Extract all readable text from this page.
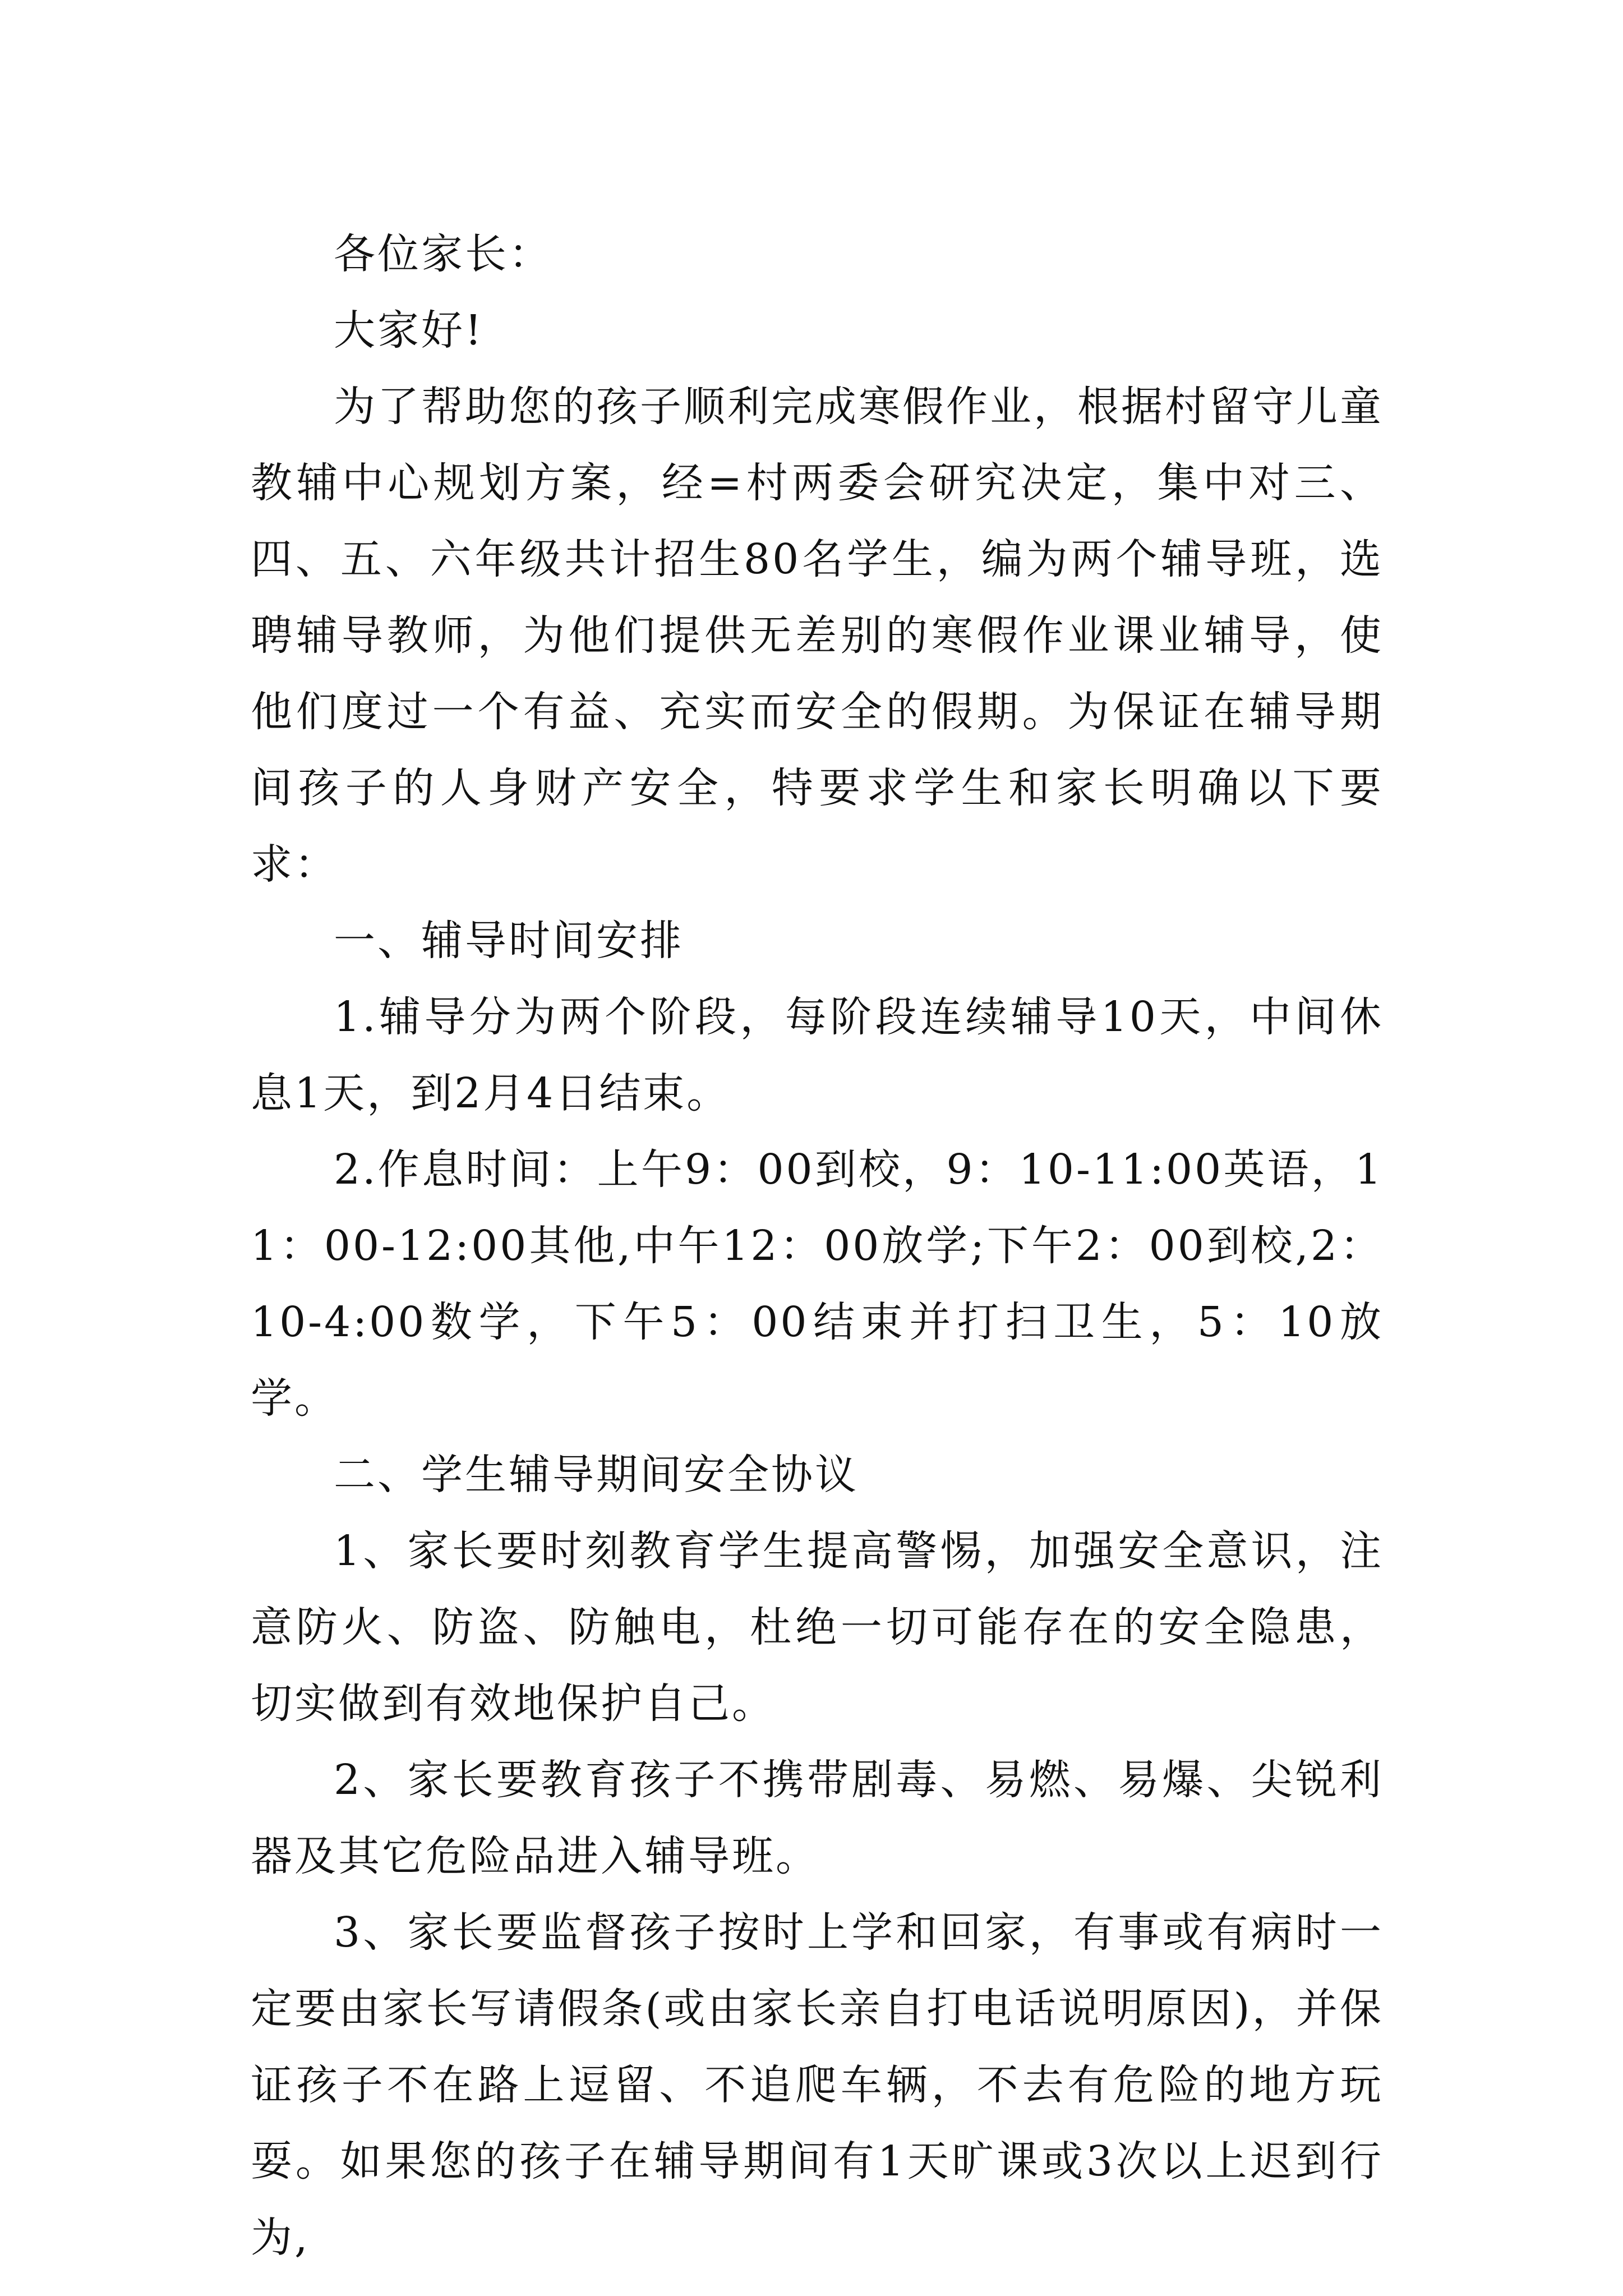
各位家长：

大家好!

为了帮助您的孩子顺利完成寒假作业，根据村留守儿童教辅中心规划方案，经=村两委会研究决定，集中对三、四、五、六年级共计招生80名学生，编为两个辅导班，选聘辅导教师，为他们提供无差别的寒假作业课业辅导，使他们度过一个有益、充实而安全的假期。为保证在辅导期间孩子的人身财产安全，特要求学生和家长明确以下要求：

一、辅导时间安排

1.辅导分为两个阶段，每阶段连续辅导10天，中间休息1天，到2月4日结束。

2.作息时间：上午9：00到校，9：10-11:00英语，11：00-12:00其他,中午12：00放学;下午2：00到校,2：10-4:00数学，下午5：00结束并打扫卫生，5：10放学。

二、学生辅导期间安全协议

1、家长要时刻教育学生提高警惕，加强安全意识，注意防火、防盗、防触电，杜绝一切可能存在的安全隐患，切实做到有效地保护自己。

2、家长要教育孩子不携带剧毒、易燃、易爆、尖锐利器及其它危险品进入辅导班。

3、家长要监督孩子按时上学和回家，有事或有病时一定要由家长写请假条(或由家长亲自打电话说明原因)，并保证孩子不在路上逗留、不追爬车辆，不去有危险的地方玩耍。如果您的孩子在辅导期间有1天旷课或3次以上迟到行为,
